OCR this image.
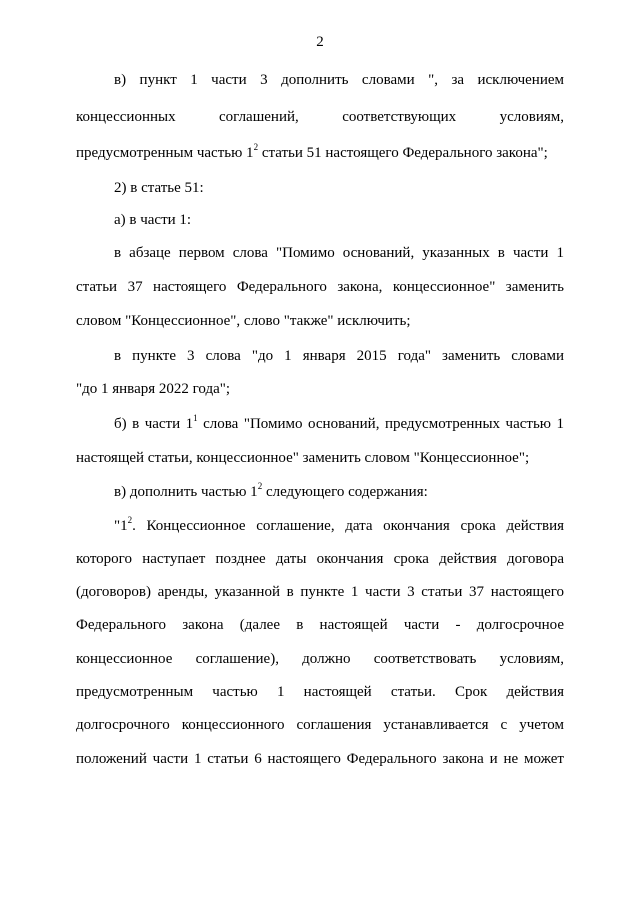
2
в) пункт 1 части 3 дополнить словами ", за исключением
концессионных соглашений, соответствующих условиям,
предусмотренным частью $1^2$ статьи 51 настоящего Федерального закона";
2) в статье 51:
а) в части 1:
в абзаце первом слова "Помимо оснований, указанных в части 1
статьи 37 настоящего Федерального закона, концессионное" заменить
словом "Концессионное", слово "также" исключить;
в пункте 3 слова "до 1 января 2015 года" заменить словами
"до 1 января 2022 года";
б) в части $1^1$ слова "Помимо оснований, предусмотренных частью 1
настоящей статьи, концессионное" заменить словом "Концессионное";
в) дополнить частью $1^2$ следующего содержания:
"$1^2$. Концессионное соглашение, дата окончания срока действия
которого наступает позднее даты окончания срока действия договора
(договоров) аренды, указанной в пункте 1 части 3 статьи 37 настоящего
Федерального закона (далее в настоящей части - долгосрочное
концессионное соглашение), должно соответствовать условиям,
предусмотренным частью 1 настоящей статьи. Срок действия
долгосрочного концессионного соглашения устанавливается с учетом
положений части 1 статьи 6 настоящего Федерального закона и не может
